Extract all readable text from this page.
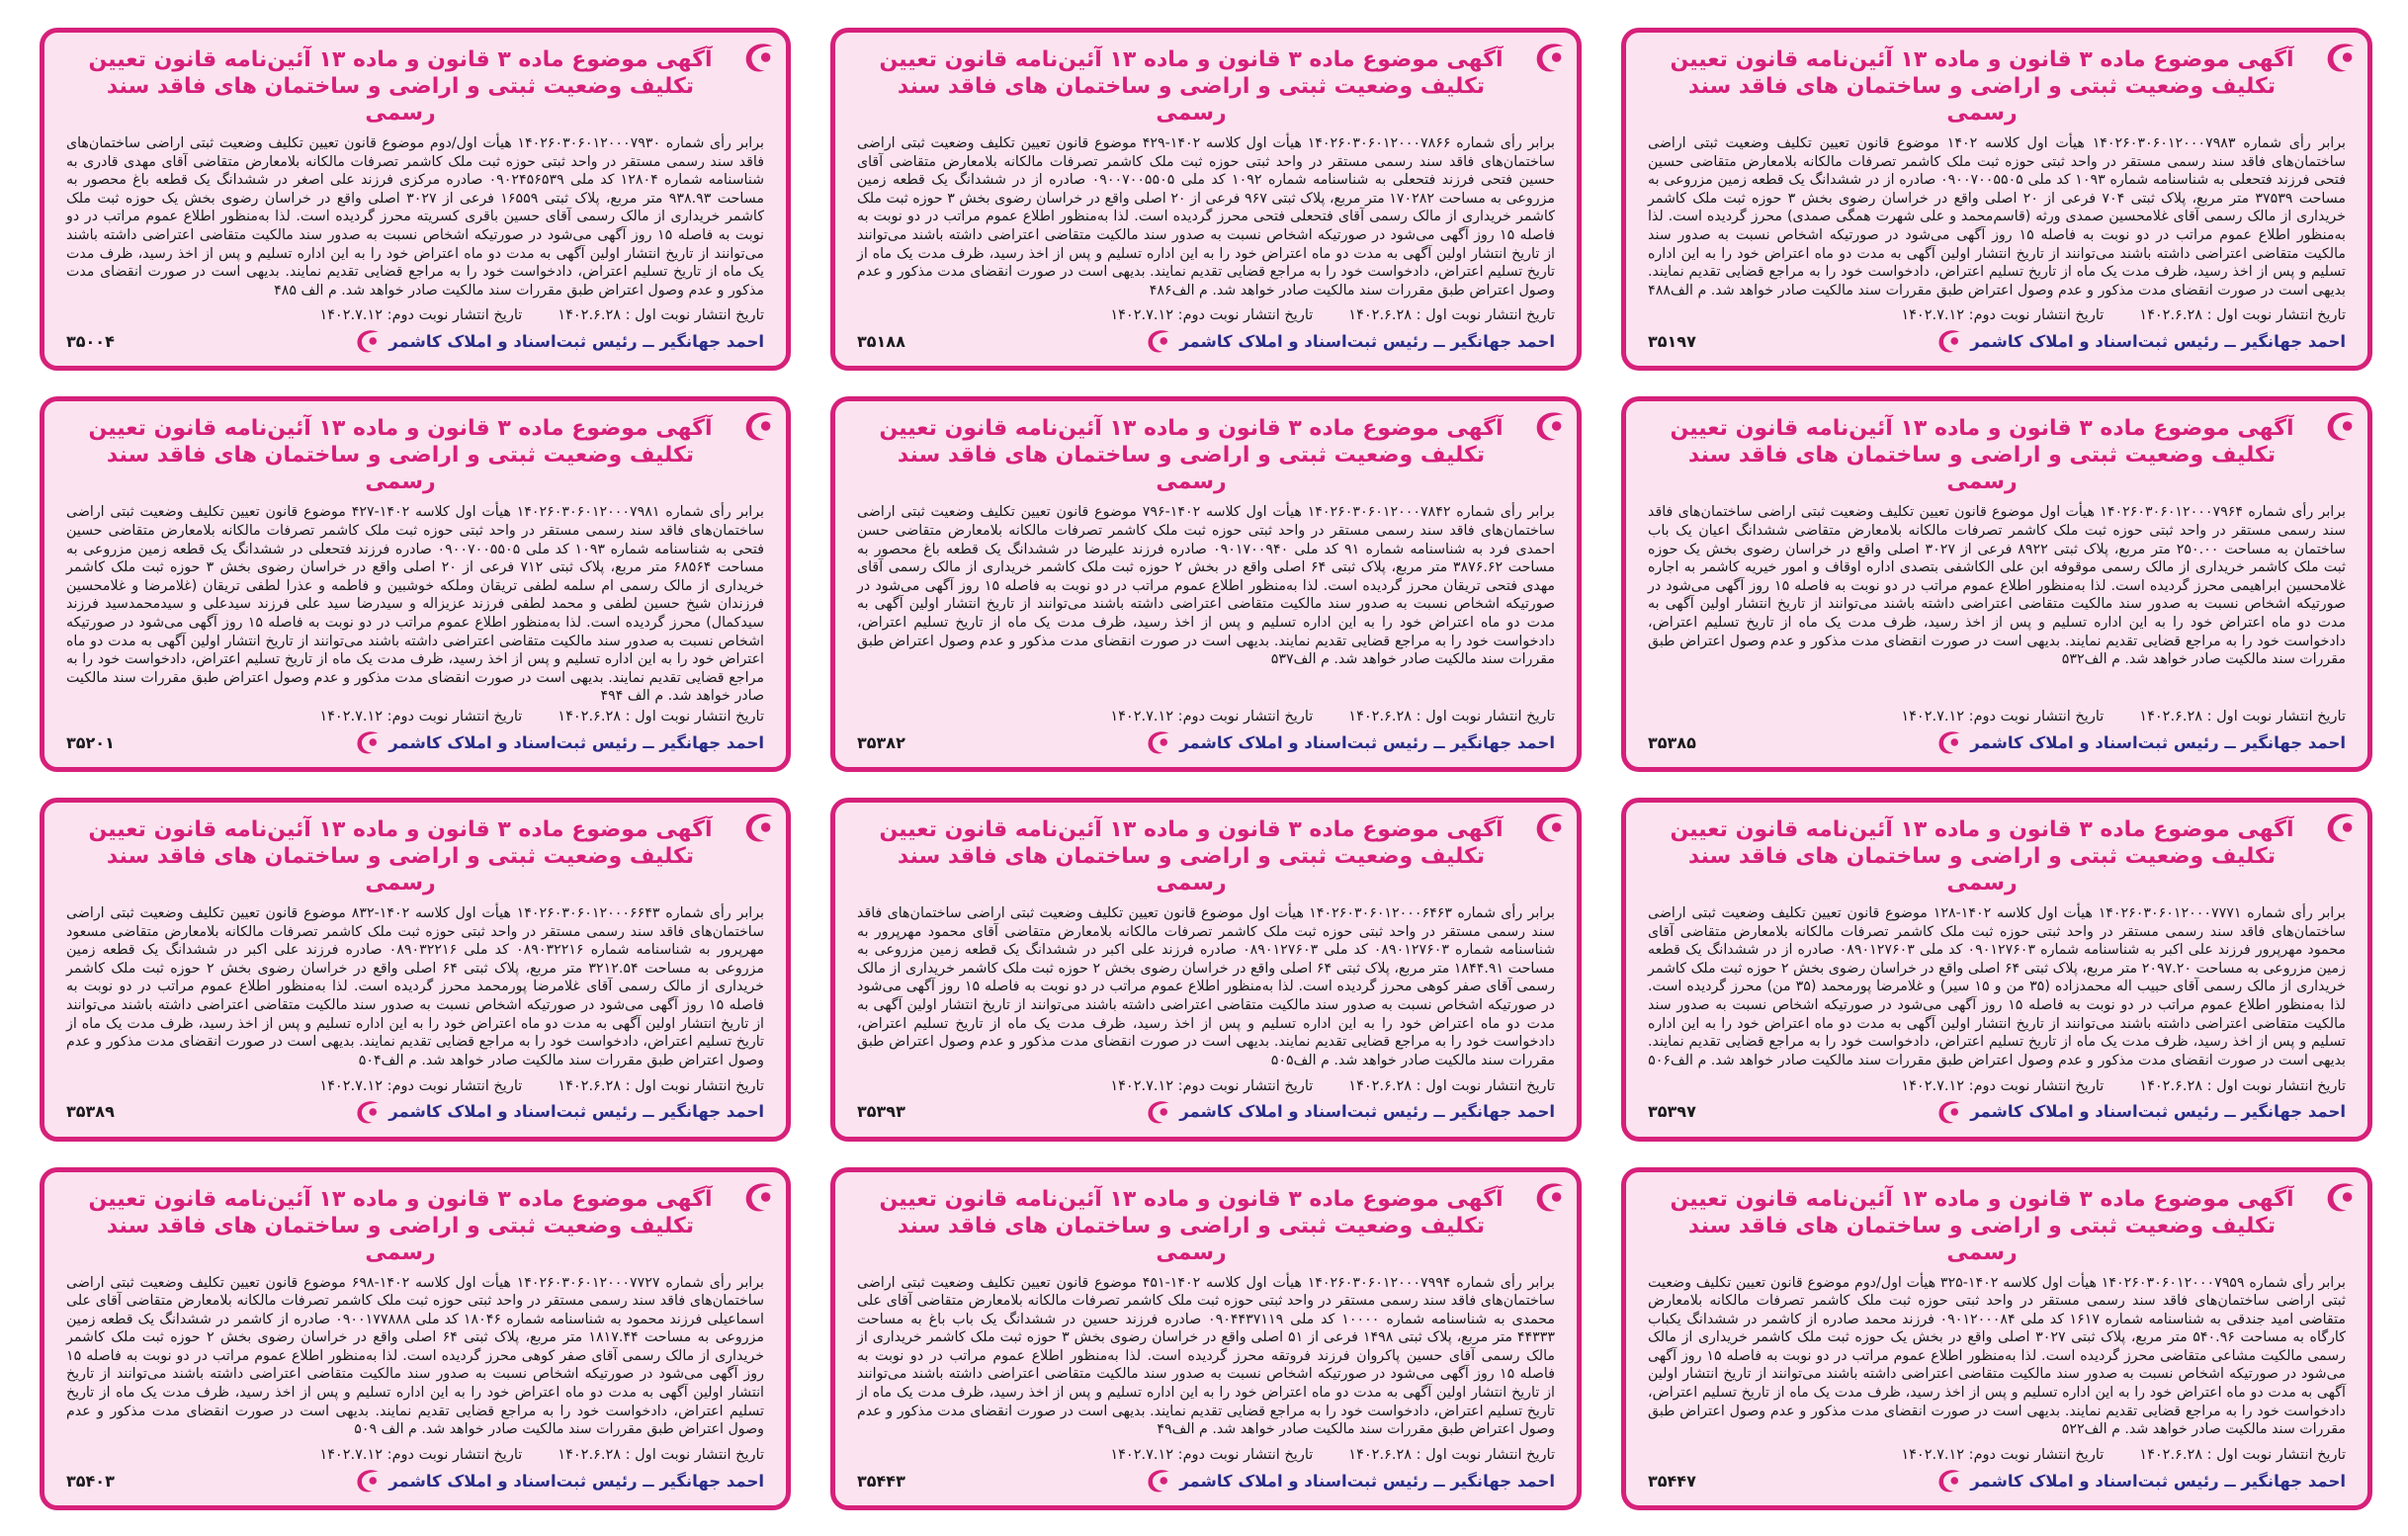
آگهی موضوع ماده ۳ قانون و ماده ۱۳ آئین‌نامه قانون تعیین تکلیف وضعیت ثبتی و اراضی و ساختمان های فاقد سند رسمی
برابر رأی شماره ۱۴۰۲۶۰۳۰۶۰۱۲۰۰۰۷۹۸۳ هیأت اول کلاسه ۱۴۰۲ موضوع قانون تعیین تکلیف وضعیت ثبتی اراضی ساختمان‌های فاقد سند رسمی مستقر در واحد ثبتی حوزه ثبت ملک کاشمر تصرفات مالکانه بلامعارض متقاضی حسین فتحی فرزند فتحعلی به شناسنامه شماره ۱۰۹۳ کد ملی ۰۹۰۰۷۰۰۵۵۰۵ صادره از در ششدانگ یک قطعه زمین مزروعی به مساحت ۳۷۵۳۹ متر مربع، پلاک ثبتی ۷۰۴ فرعی از ۲۰ اصلی واقع در خراسان رضوی بخش ۳ حوزه ثبت ملک کاشمر خریداری از مالک رسمی آقای غلامحسین صمدی ورثه (قاسم‌محمد و علی شهرت همگی صمدی) محرز گردیده است. لذا به‌منظور اطلاع عموم مراتب در دو نوبت به فاصله ۱۵ روز آگهی می‌شود در صورتیکه اشخاص نسبت به صدور سند مالکیت متقاضی اعتراضی داشته باشند می‌توانند از تاریخ انتشار اولین آگهی به مدت دو ماه اعتراض خود را به این اداره تسلیم و پس از اخذ رسید، ظرف مدت یک ماه از تاریخ تسلیم اعتراض، دادخواست خود را به مراجع قضایی تقدیم نمایند. بدیهی است در صورت انقضای مدت مذکور و عدم وصول اعتراض طبق مقررات سند مالکیت صادر خواهد شد. م الف۴۸۸
تاریخ انتشار نوبت اول : ۱۴۰۲.۶.۲۸
تاریخ انتشار نوبت دوم: ۱۴۰۲.۷.۱۲
۳۵۱۹۷	احمد جهانگیر ــ رئیس ثبت‌اسناد و املاک کاشمر
آگهی موضوع ماده ۳ قانون و ماده ۱۳ آئین‌نامه قانون تعیین تکلیف وضعیت ثبتی و اراضی و ساختمان های فاقد سند رسمی
برابر رأی شماره ۱۴۰۲۶۰۳۰۶۰۱۲۰۰۰۷۸۶۶ هیأت اول کلاسه ۱۴۰۲-۴۲۹ موضوع قانون تعیین تکلیف وضعیت ثبتی اراضی ساختمان‌های فاقد سند رسمی مستقر در واحد ثبتی حوزه ثبت ملک کاشمر تصرفات مالکانه بلامعارض متقاضی آقای حسین فتحی فرزند فتحعلی به شناسنامه شماره ۱۰۹۲ کد ملی ۰۹۰۰۷۰۰۵۵۰۵ صادره از در ششدانگ یک قطعه زمین مزروعی به مساحت ۱۷۰۲۸۲ متر مربع، پلاک ثبتی ۹۶۷ فرعی از ۲۰ اصلی واقع در خراسان رضوی بخش ۳ حوزه ثبت ملک کاشمر خریداری از مالک رسمی آقای فتحعلی فتحی محرز گردیده است. لذا به‌منظور اطلاع عموم مراتب در دو نوبت به فاصله ۱۵ روز آگهی می‌شود در صورتیکه اشخاص نسبت به صدور سند مالکیت متقاضی اعتراضی داشته باشند می‌توانند از تاریخ انتشار اولین آگهی به مدت دو ماه اعتراض خود را به این اداره تسلیم و پس از اخذ رسید، ظرف مدت یک ماه از تاریخ تسلیم اعتراض، دادخواست خود را به مراجع قضایی تقدیم نمایند. بدیهی است در صورت انقضای مدت مذکور و عدم وصول اعتراض طبق مقررات سند مالکیت صادر خواهد شد. م الف۴۸۶
تاریخ انتشار نوبت اول : ۱۴۰۲.۶.۲۸
تاریخ انتشار نوبت دوم: ۱۴۰۲.۷.۱۲
۳۵۱۸۸	احمد جهانگیر ــ رئیس ثبت‌اسناد و املاک کاشمر
آگهی موضوع ماده ۳ قانون و ماده ۱۳ آئین‌نامه قانون تعیین تکلیف وضعیت ثبتی و اراضی و ساختمان های فاقد سند رسمی
برابر رأی شماره ۱۴۰۲۶۰۳۰۶۰۱۲۰۰۰۷۹۳۰ هیأت اول/دوم موضوع قانون تعیین تکلیف وضعیت ثبتی اراضی ساختمان‌های فاقد سند رسمی مستقر در واحد ثبتی حوزه ثبت ملک کاشمر تصرفات مالکانه بلامعارض متقاضی آقای مهدی قادری به شناسنامه شماره ۱۲۸۰۴ کد ملی ۰۹۰۲۴۵۶۵۳۹ صادره مرکزی فرزند علی اصغر در ششدانگ یک قطعه باغ محصور به مساحت ۹۳۸.۹۳ متر مربع، پلاک ثبتی ۱۶۵۵۹ فرعی از ۳۰۲۷ اصلی واقع در خراسان رضوی بخش یک حوزه ثبت ملک کاشمر خریداری از مالک رسمی آقای حسین باقری کسریته محرز گردیده است. لذا به‌منظور اطلاع عموم مراتب در دو نوبت به فاصله ۱۵ روز آگهی می‌شود در صورتیکه اشخاص نسبت به صدور سند مالکیت متقاضی اعتراضی داشته باشند می‌توانند از تاریخ انتشار اولین آگهی به مدت دو ماه اعتراض خود را به این اداره تسلیم و پس از اخذ رسید، ظرف مدت یک ماه از تاریخ تسلیم اعتراض، دادخواست خود را به مراجع قضایی تقدیم نمایند. بدیهی است در صورت انقضای مدت مذکور و عدم وصول اعتراض طبق مقررات سند مالکیت صادر خواهد شد. م الف ۴۸۵
تاریخ انتشار نوبت اول : ۱۴۰۲.۶.۲۸
تاریخ انتشار نوبت دوم: ۱۴۰۲.۷.۱۲
۳۵۰۰۴	احمد جهانگیر ــ رئیس ثبت‌اسناد و املاک کاشمر
آگهی موضوع ماده ۳ قانون و ماده ۱۳ آئین‌نامه قانون تعیین تکلیف وضعیت ثبتی و اراضی و ساختمان های فاقد سند رسمی
برابر رأی شماره ۱۴۰۲۶۰۳۰۶۰۱۲۰۰۰۷۹۶۴ هیأت اول موضوع قانون تعیین تکلیف وضعیت ثبتی اراضی ساختمان‌های فاقد سند رسمی مستقر در واحد ثبتی حوزه ثبت ملک کاشمر تصرفات مالکانه بلامعارض متقاضی ششدانگ اعیان یک باب ساختمان به مساحت ۲۵۰.۰۰ متر مربع، پلاک ثبتی ۸۹۲۲ فرعی از ۳۰۲۷ اصلی واقع در خراسان رضوی بخش یک حوزه ثبت ملک کاشمر خریداری از مالک رسمی موقوفه ابن علی الکاشفی بتصدی اداره اوقاف و امور خیریه کاشمر به اجاره غلامحسین ابراهیمی محرز گردیده است. لذا به‌منظور اطلاع عموم مراتب در دو نوبت به فاصله ۱۵ روز آگهی می‌شود در صورتیکه اشخاص نسبت به صدور سند مالکیت متقاضی اعتراضی داشته باشند می‌توانند از تاریخ انتشار اولین آگهی به مدت دو ماه اعتراض خود را به این اداره تسلیم و پس از اخذ رسید، ظرف مدت یک ماه از تاریخ تسلیم اعتراض، دادخواست خود را به مراجع قضایی تقدیم نمایند. بدیهی است در صورت انقضای مدت مذکور و عدم وصول اعتراض طبق مقررات سند مالکیت صادر خواهد شد. م الف۵۳۲
تاریخ انتشار نوبت اول : ۱۴۰۲.۶.۲۸
تاریخ انتشار نوبت دوم: ۱۴۰۲.۷.۱۲
۳۵۳۸۵	احمد جهانگیر ــ رئیس ثبت‌اسناد و املاک کاشمر
آگهی موضوع ماده ۳ قانون و ماده ۱۳ آئین‌نامه قانون تعیین تکلیف وضعیت ثبتی و اراضی و ساختمان های فاقد سند رسمی
برابر رأی شماره ۱۴۰۲۶۰۳۰۶۰۱۲۰۰۰۷۸۴۲ هیأت اول کلاسه ۱۴۰۲-۷۹۶ موضوع قانون تعیین تکلیف وضعیت ثبتی اراضی ساختمان‌های فاقد سند رسمی مستقر در واحد ثبتی حوزه ثبت ملک کاشمر تصرفات مالکانه بلامعارض متقاضی حسن احمدی فرد به شناسنامه شماره ۹۱ کد ملی ۰۹۰۱۷۰۰۹۴۰ صادره فرزند علیرضا در ششدانگ یک قطعه باغ محصور به مساحت ۳۸۷۶.۶۲ متر مربع، پلاک ثبتی ۶۴ اصلی واقع در بخش ۲ حوزه ثبت ملک کاشمر خریداری از مالک رسمی آقای مهدی فتحی تریقان محرز گردیده است. لذا به‌منظور اطلاع عموم مراتب در دو نوبت به فاصله ۱۵ روز آگهی می‌شود در صورتیکه اشخاص نسبت به صدور سند مالکیت متقاضی اعتراضی داشته باشند می‌توانند از تاریخ انتشار اولین آگهی به مدت دو ماه اعتراض خود را به این اداره تسلیم و پس از اخذ رسید، ظرف مدت یک ماه از تاریخ تسلیم اعتراض، دادخواست خود را به مراجع قضایی تقدیم نمایند. بدیهی است در صورت انقضای مدت مذکور و عدم وصول اعتراض طبق مقررات سند مالکیت صادر خواهد شد. م الف۵۳۷
تاریخ انتشار نوبت اول : ۱۴۰۲.۶.۲۸
تاریخ انتشار نوبت دوم: ۱۴۰۲.۷.۱۲
۳۵۳۸۲	احمد جهانگیر ــ رئیس ثبت‌اسناد و املاک کاشمر
آگهی موضوع ماده ۳ قانون و ماده ۱۳ آئین‌نامه قانون تعیین تکلیف وضعیت ثبتی و اراضی و ساختمان های فاقد سند رسمی
برابر رأی شماره ۱۴۰۲۶۰۳۰۶۰۱۲۰۰۰۷۹۸۱ هیأت اول کلاسه ۱۴۰۲-۴۲۷ موضوع قانون تعیین تکلیف وضعیت ثبتی اراضی ساختمان‌های فاقد سند رسمی مستقر در واحد ثبتی حوزه ثبت ملک کاشمر تصرفات مالکانه بلامعارض متقاضی حسین فتحی به شناسنامه شماره ۱۰۹۳ کد ملی ۰۹۰۰۷۰۰۵۵۰۵ صادره فرزند فتحعلی در ششدانگ یک قطعه زمین مزروعی به مساحت ۶۸۵۶۴ متر مربع، پلاک ثبتی ۷۱۲ فرعی از ۲۰ اصلی واقع در خراسان رضوی بخش ۳ حوزه ثبت ملک کاشمر خریداری از مالک رسمی ام سلمه لطفی تریقان وملکه خوشبین و فاطمه و عذرا لطفی تریقان (غلامرضا و غلامحسین فرزندان شیخ حسین لطفی و محمد لطفی فرزند عزیزاله و سیدرضا سید علی فرزند سیدعلی و سیدمحمدسید فرزند سیدکمال) محرز گردیده است. لذا به‌منظور اطلاع عموم مراتب در دو نوبت به فاصله ۱۵ روز آگهی می‌شود در صورتیکه اشخاص نسبت به صدور سند مالکیت متقاضی اعتراضی داشته باشند می‌توانند از تاریخ انتشار اولین آگهی به مدت دو ماه اعتراض خود را به این اداره تسلیم و پس از اخذ رسید، ظرف مدت یک ماه از تاریخ تسلیم اعتراض، دادخواست خود را به مراجع قضایی تقدیم نمایند. بدیهی است در صورت انقضای مدت مذکور و عدم وصول اعتراض طبق مقررات سند مالکیت صادر خواهد شد. م الف ۴۹۴
تاریخ انتشار نوبت اول : ۱۴۰۲.۶.۲۸
تاریخ انتشار نوبت دوم: ۱۴۰۲.۷.۱۲
۳۵۲۰۱	احمد جهانگیر ــ رئیس ثبت‌اسناد و املاک کاشمر
آگهی موضوع ماده ۳ قانون و ماده ۱۳ آئین‌نامه قانون تعیین تکلیف وضعیت ثبتی و اراضی و ساختمان های فاقد سند رسمی
برابر رأی شماره ۱۴۰۲۶۰۳۰۶۰۱۲۰۰۰۷۷۷۱ هیأت اول کلاسه ۱۴۰۲-۱۲۸ موضوع قانون تعیین تکلیف وضعیت ثبتی اراضی ساختمان‌های فاقد سند رسمی مستقر در واحد ثبتی حوزه ثبت ملک کاشمر تصرفات مالکانه بلامعارض متقاضی آقای محمود مهرپرور فرزند علی اکبر به شناسنامه شماره ۰۹۰۱۲۷۶۰۳ کد ملی ۰۸۹۰۱۲۷۶۰۳ صادره از در ششدانگ یک قطعه زمین مزروعی به مساحت ۲۰۹۷.۲۰ متر مربع، پلاک ثبتی ۶۴ اصلی واقع در خراسان رضوی بخش ۲ حوزه ثبت ملک کاشمر خریداری از مالک رسمی آقای حبیب اله محمدزاده (۳۵ من و ۱۵ سیر) و غلامرضا پورمحمد (۳۵ من) محرز گردیده است. لذا به‌منظور اطلاع عموم مراتب در دو نوبت به فاصله ۱۵ روز آگهی می‌شود در صورتیکه اشخاص نسبت به صدور سند مالکیت متقاضی اعتراضی داشته باشند می‌توانند از تاریخ انتشار اولین آگهی به مدت دو ماه اعتراض خود را به این اداره تسلیم و پس از اخذ رسید، ظرف مدت یک ماه از تاریخ تسلیم اعتراض، دادخواست خود را به مراجع قضایی تقدیم نمایند. بدیهی است در صورت انقضای مدت مذکور و عدم وصول اعتراض طبق مقررات سند مالکیت صادر خواهد شد. م الف۵۰۶
تاریخ انتشار نوبت اول : ۱۴۰۲.۶.۲۸
تاریخ انتشار نوبت دوم: ۱۴۰۲.۷.۱۲
۳۵۳۹۷	احمد جهانگیر ــ رئیس ثبت‌اسناد و املاک کاشمر
آگهی موضوع ماده ۳ قانون و ماده ۱۳ آئین‌نامه قانون تعیین تکلیف وضعیت ثبتی و اراضی و ساختمان های فاقد سند رسمی
برابر رأی شماره ۱۴۰۲۶۰۳۰۶۰۱۲۰۰۰۶۴۶۳ هیأت اول موضوع قانون تعیین تکلیف وضعیت ثبتی اراضی ساختمان‌های فاقد سند رسمی مستقر در واحد ثبتی حوزه ثبت ملک کاشمر تصرفات مالکانه بلامعارض متقاضی آقای محمود مهرپرور به شناسنامه شماره ۰۸۹۰۱۲۷۶۰۳ کد ملی ۰۸۹۰۱۲۷۶۰۳ صادره فرزند علی اکبر در ششدانگ یک قطعه زمین مزروعی به مساحت ۱۸۴۴.۹۱ متر مربع، پلاک ثبتی ۶۴ اصلی واقع در خراسان رضوی بخش ۲ حوزه ثبت ملک کاشمر خریداری از مالک رسمی آقای صفر کوهی محرز گردیده است. لذا به‌منظور اطلاع عموم مراتب در دو نوبت به فاصله ۱۵ روز آگهی می‌شود در صورتیکه اشخاص نسبت به صدور سند مالکیت متقاضی اعتراضی داشته باشند می‌توانند از تاریخ انتشار اولین آگهی به مدت دو ماه اعتراض خود را به این اداره تسلیم و پس از اخذ رسید، ظرف مدت یک ماه از تاریخ تسلیم اعتراض، دادخواست خود را به مراجع قضایی تقدیم نمایند. بدیهی است در صورت انقضای مدت مذکور و عدم وصول اعتراض طبق مقررات سند مالکیت صادر خواهد شد. م الف۵۰۵
تاریخ انتشار نوبت اول : ۱۴۰۲.۶.۲۸
تاریخ انتشار نوبت دوم: ۱۴۰۲.۷.۱۲
۳۵۳۹۳	احمد جهانگیر ــ رئیس ثبت‌اسناد و املاک کاشمر
آگهی موضوع ماده ۳ قانون و ماده ۱۳ آئین‌نامه قانون تعیین تکلیف وضعیت ثبتی و اراضی و ساختمان های فاقد سند رسمی
برابر رأی شماره ۱۴۰۲۶۰۳۰۶۰۱۲۰۰۰۶۶۴۳ هیأت اول کلاسه ۱۴۰۲-۸۳۲ موضوع قانون تعیین تکلیف وضعیت ثبتی اراضی ساختمان‌های فاقد سند رسمی مستقر در واحد ثبتی حوزه ثبت ملک کاشمر تصرفات مالکانه بلامعارض متقاضی مسعود مهرپرور به شناسنامه شماره ۰۸۹۰۳۲۲۱۶ کد ملی ۰۸۹۰۳۲۲۱۶ صادره فرزند علی اکبر در ششدانگ یک قطعه زمین مزروعی به مساحت ۳۲۱۲.۵۴ متر مربع، پلاک ثبتی ۶۴ اصلی واقع در خراسان رضوی بخش ۲ حوزه ثبت ملک کاشمر خریداری از مالک رسمی آقای غلامرضا پورمحمد محرز گردیده است. لذا به‌منظور اطلاع عموم مراتب در دو نوبت به فاصله ۱۵ روز آگهی می‌شود در صورتیکه اشخاص نسبت به صدور سند مالکیت متقاضی اعتراضی داشته باشند می‌توانند از تاریخ انتشار اولین آگهی به مدت دو ماه اعتراض خود را به این اداره تسلیم و پس از اخذ رسید، ظرف مدت یک ماه از تاریخ تسلیم اعتراض، دادخواست خود را به مراجع قضایی تقدیم نمایند. بدیهی است در صورت انقضای مدت مذکور و عدم وصول اعتراض طبق مقررات سند مالکیت صادر خواهد شد. م الف۵۰۴
تاریخ انتشار نوبت اول : ۱۴۰۲.۶.۲۸
تاریخ انتشار نوبت دوم: ۱۴۰۲.۷.۱۲
۳۵۳۸۹	احمد جهانگیر ــ رئیس ثبت‌اسناد و املاک کاشمر
آگهی موضوع ماده ۳ قانون و ماده ۱۳ آئین‌نامه قانون تعیین تکلیف وضعیت ثبتی و اراضی و ساختمان های فاقد سند رسمی
برابر رأی شماره ۱۴۰۲۶۰۳۰۶۰۱۲۰۰۰۷۹۵۹ هیأت اول کلاسه ۱۴۰۲-۳۲۵ هیأت اول/دوم موضوع قانون تعیین تکلیف وضعیت ثبتی اراضی ساختمان‌های فاقد سند رسمی مستقر در واحد ثبتی حوزه ثبت ملک کاشمر تصرفات مالکانه بلامعارض متقاضی امید جندقی به شناسنامه شماره ۱۶۱۷ کد ملی ۰۹۰۱۲۰۰۰۸۴ فرزند محمد صادره از کاشمر در ششدانگ یکباب کارگاه به مساحت ۵۴۰.۹۶ متر مربع، پلاک ثبتی ۳۰۲۷ اصلی واقع در بخش یک حوزه ثبت ملک کاشمر خریداری از مالک رسمی مالکیت مشاعی متقاضی محرز گردیده است. لذا به‌منظور اطلاع عموم مراتب در دو نوبت به فاصله ۱۵ روز آگهی می‌شود در صورتیکه اشخاص نسبت به صدور سند مالکیت متقاضی اعتراضی داشته باشند می‌توانند از تاریخ انتشار اولین آگهی به مدت دو ماه اعتراض خود را به این اداره تسلیم و پس از اخذ رسید، ظرف مدت یک ماه از تاریخ تسلیم اعتراض، دادخواست خود را به مراجع قضایی تقدیم نمایند. بدیهی است در صورت انقضای مدت مذکور و عدم وصول اعتراض طبق مقررات سند مالکیت صادر خواهد شد. م الف۵۲۲
تاریخ انتشار نوبت اول : ۱۴۰۲.۶.۲۸
تاریخ انتشار نوبت دوم: ۱۴۰۲.۷.۱۲
۳۵۴۴۷	احمد جهانگیر ــ رئیس ثبت‌اسناد و املاک کاشمر
آگهی موضوع ماده ۳ قانون و ماده ۱۳ آئین‌نامه قانون تعیین تکلیف وضعیت ثبتی و اراضی و ساختمان های فاقد سند رسمی
برابر رأی شماره ۱۴۰۲۶۰۳۰۶۰۱۲۰۰۰۷۹۹۴ هیأت اول کلاسه ۱۴۰۲-۴۵۱ موضوع قانون تعیین تکلیف وضعیت ثبتی اراضی ساختمان‌های فاقد سند رسمی مستقر در واحد ثبتی حوزه ثبت ملک کاشمر تصرفات مالکانه بلامعارض متقاضی آقای علی محمدی به شناسنامه شماره ۱۰۰۰۰ کد ملی ۰۹۰۴۴۳۷۱۱۹ صادره فرزند حسین در ششدانگ یک باب باغ به مساحت ۴۴۳۳۳ متر مربع، پلاک ثبتی ۱۴۹۸ فرعی از ۵۱ اصلی واقع در خراسان رضوی بخش ۳ حوزه ثبت ملک کاشمر خریداری از مالک رسمی آقای حسین پاکروان فرزند فروتقه محرز گردیده است. لذا به‌منظور اطلاع عموم مراتب در دو نوبت به فاصله ۱۵ روز آگهی می‌شود در صورتیکه اشخاص نسبت به صدور سند مالکیت متقاضی اعتراضی داشته باشند می‌توانند از تاریخ انتشار اولین آگهی به مدت دو ماه اعتراض خود را به این اداره تسلیم و پس از اخذ رسید، ظرف مدت یک ماه از تاریخ تسلیم اعتراض، دادخواست خود را به مراجع قضایی تقدیم نمایند. بدیهی است در صورت انقضای مدت مذکور و عدم وصول اعتراض طبق مقررات سند مالکیت صادر خواهد شد. م الف۴۹
تاریخ انتشار نوبت اول : ۱۴۰۲.۶.۲۸
تاریخ انتشار نوبت دوم: ۱۴۰۲.۷.۱۲
۳۵۴۴۳	احمد جهانگیر ــ رئیس ثبت‌اسناد و املاک کاشمر
آگهی موضوع ماده ۳ قانون و ماده ۱۳ آئین‌نامه قانون تعیین تکلیف وضعیت ثبتی و اراضی و ساختمان های فاقد سند رسمی
برابر رأی شماره ۱۴۰۲۶۰۳۰۶۰۱۲۰۰۰۷۷۲۷ هیأت اول کلاسه ۱۴۰۲-۶۹۸ موضوع قانون تعیین تکلیف وضعیت ثبتی اراضی ساختمان‌های فاقد سند رسمی مستقر در واحد ثبتی حوزه ثبت ملک کاشمر تصرفات مالکانه بلامعارض متقاضی آقای علی اسماعیلی فرزند محمود به شناسنامه شماره ۱۸۰۴۶ کد ملی ۰۹۰۰۱۷۷۸۸۸ صادره از کاشمر در ششدانگ یک قطعه زمین مزروعی به مساحت ۱۸۱۷.۴۴ متر مربع، پلاک ثبتی ۶۴ اصلی واقع در خراسان رضوی بخش ۲ حوزه ثبت ملک کاشمر خریداری از مالک رسمی آقای صفر کوهی محرز گردیده است. لذا به‌منظور اطلاع عموم مراتب در دو نوبت به فاصله ۱۵ روز آگهی می‌شود در صورتیکه اشخاص نسبت به صدور سند مالکیت متقاضی اعتراضی داشته باشند می‌توانند از تاریخ انتشار اولین آگهی به مدت دو ماه اعتراض خود را به این اداره تسلیم و پس از اخذ رسید، ظرف مدت یک ماه از تاریخ تسلیم اعتراض، دادخواست خود را به مراجع قضایی تقدیم نمایند. بدیهی است در صورت انقضای مدت مذکور و عدم وصول اعتراض طبق مقررات سند مالکیت صادر خواهد شد. م الف ۵۰۹
تاریخ انتشار نوبت اول : ۱۴۰۲.۶.۲۸
تاریخ انتشار نوبت دوم: ۱۴۰۲.۷.۱۲
۳۵۴۰۳	احمد جهانگیر ــ رئیس ثبت‌اسناد و املاک کاشمر
